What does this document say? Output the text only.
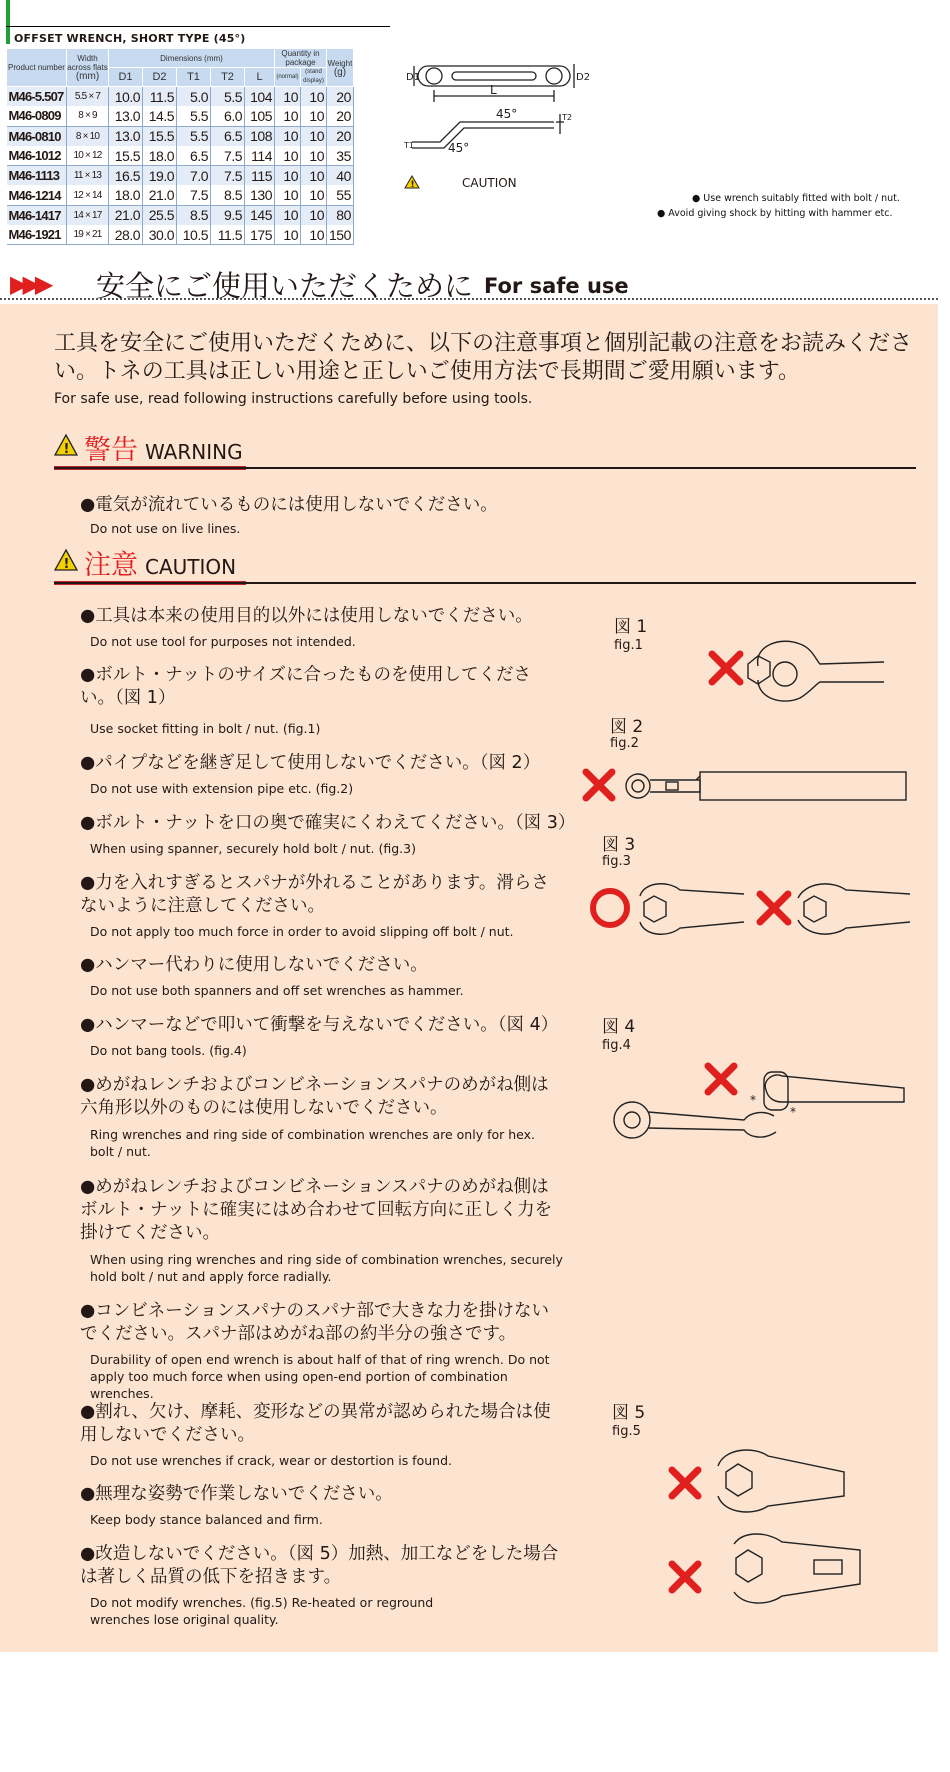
OFFSET WRENCH, SHORT TYPE (45°)
Product number	Width across flats
(mm)	Dimensions (mm)					Quantity in package		Weight
(g)
		D1	D2	T1	T2	L	(normal)	(stand display)	
M46-5.507	5.5 × 7	10.0	11.5	5.0	5.5	104	10	10	20
M46-0809	8 × 9	13.0	14.5	5.5	6.0	105	10	10	20
M46-0810	8 × 10	13.0	15.5	5.5	6.5	108	10	10	20
M46-1012	10 × 12	15.5	18.0	6.5	7.5	114	10	10	35
M46-1113	11 × 13	16.5	19.0	7.0	7.5	115	10	10	40
M46-1214	12 × 14	18.0	21.0	7.5	8.5	130	10	10	55
M46-1417	14 × 17	21.0	25.5	8.5	9.5	145	10	10	80
M46-1921	19 × 21	28.0	30.0	10.5	11.5	175	10	10	150
D1	D2
L
45°
45°
T2
T1
!	CAUTION
● Use wrench suitably fitted with bolt / nut.
● Avoid giving shock by hitting with hammer etc.
▶▶▶ 安全にご使用いただくために For safe use
工具を安全にご使用いただくために、以下の注意事項と個別記載の注意をお読みください。トネの工具は正しい用途と正しいご使用方法で長期間ご愛用願います。
For safe use, read following instructions carefully before using tools.
! 警告 WARNING
●電気が流れているものには使用しないでください。
Do not use on live lines.
! 注意 CAUTION
●工具は本来の使用目的以外には使用しないでください。
Do not use tool for purposes not intended.
●ボルト・ナットのサイズに合ったものを使用してください。（図 1）
Use socket fitting in bolt / nut. (fig.1)
●パイプなどを継ぎ足して使用しないでください。（図 2）
Do not use with extension pipe etc. (fig.2)
●ボルト・ナットを口の奥で確実にくわえてください。（図 3）
When using spanner, securely hold bolt / nut. (fig.3)
●力を入れすぎるとスパナが外れることがあります。滑らさないように注意してください。
Do not apply too much force in order to avoid slipping off bolt / nut.
●ハンマー代わりに使用しないでください。
Do not use both spanners and off set wrenches as hammer.
●ハンマーなどで叩いて衝撃を与えないでください。（図 4）
Do not bang tools. (fig.4)
●めがねレンチおよびコンビネーションスパナのめがね側は六角形以外のものには使用しないでください。
Ring wrenches and ring side of combination wrenches are only for hex. bolt / nut.
●めがねレンチおよびコンビネーションスパナのめがね側はボルト・ナットに確実にはめ合わせて回転方向に正しく力を掛けてください。
When using ring wrenches and ring side of combination wrenches, securely hold bolt / nut and apply force radially.
●コンビネーションスパナのスパナ部で大きな力を掛けないでください。スパナ部はめがね部の約半分の強さです。
Durability of open end wrench is about half of that of ring wrench. Do not apply too much force when using open-end portion of combination wrenches.
●割れ、欠け、摩耗、変形などの異常が認められた場合は使用しないでください。
Do not use wrenches if crack, wear or destortion is found.
●無理な姿勢で作業しないでください。
Keep body stance balanced and firm.
●改造しないでください。（図 5）加熱、加工などをした場合は著しく品質の低下を招きます。
Do not modify wrenches. (fig.5) Re-heated or reground wrenches lose original quality.
図 1
fig.1
図 2
fig.2
図 3
fig.3
図 4
fig.4
*
*
図 5
fig.5
